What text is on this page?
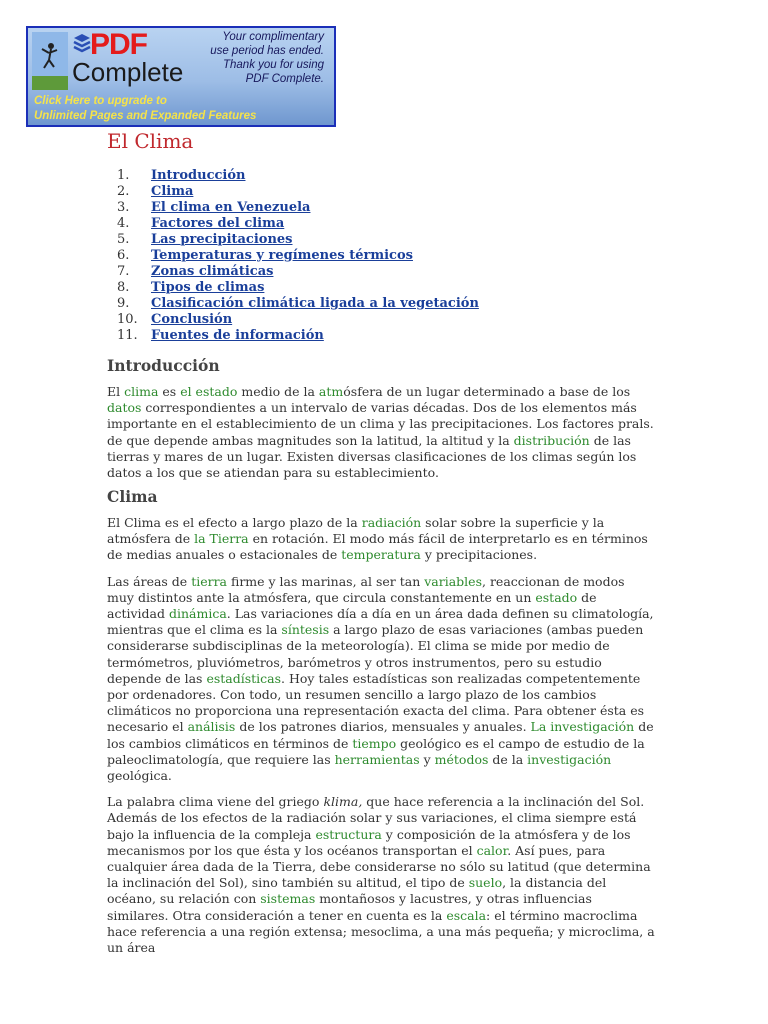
PDF
Complete
Your complimentary
use period has ended.
Thank you for using
PDF Complete.
Click Here to upgrade to
Unlimited Pages and Expanded Features
El Clima
1.	Introducción
2.	Clima
3.	El clima en Venezuela
4.	Factores del clima
5.	Las precipitaciones
6.	Temperaturas y regímenes térmicos
7.	Zonas climáticas
8.	Tipos de climas
9.	Clasificación climática ligada a la vegetación
10.	Conclusión
11.	Fuentes de información
Introducción

El clima es el estado medio de la atmósfera de un lugar determinado a base de los datos correspondientes a un intervalo de varias décadas. Dos de los elementos más importante en el establecimiento de un clima y las precipitaciones. Los factores prals. de que depende ambas magnitudes son la latitud, la altitud y la distribución de las tierras y mares de un lugar. Existen diversas clasificaciones de los climas según los datos a los que se atiendan para su establecimiento.

Clima

El Clima es el efecto a largo plazo de la radiación solar sobre la superficie y la atmósfera de la Tierra en rotación. El modo más fácil de interpretarlo es en términos de medias anuales o estacionales de temperatura y precipitaciones.

Las áreas de tierra firme y las marinas, al ser tan variables, reaccionan de modos muy distintos ante la atmósfera, que circula constantemente en un estado de actividad dinámica. Las variaciones día a día en un área dada definen su climatología, mientras que el clima es la síntesis a largo plazo de esas variaciones (ambas pueden considerarse subdisciplinas de la meteorología). El clima se mide por medio de termómetros, pluviómetros, barómetros y otros instrumentos, pero su estudio depende de las estadísticas. Hoy tales estadísticas son realizadas competentemente por ordenadores. Con todo, un resumen sencillo a largo plazo de los cambios climáticos no proporciona una representación exacta del clima. Para obtener ésta es necesario el análisis de los patrones diarios, mensuales y anuales. La investigación de los cambios climáticos en términos de tiempo geológico es el campo de estudio de la paleoclimatología, que requiere las herramientas y métodos de la investigación geológica.

La palabra clima viene del griego klima, que hace referencia a la inclinación del Sol. Además de los efectos de la radiación solar y sus variaciones, el clima siempre está bajo la influencia de la compleja estructura y composición de la atmósfera y de los mecanismos por los que ésta y los océanos transportan el calor. Así pues, para cualquier área dada de la Tierra, debe considerarse no sólo su latitud (que determina la inclinación del Sol), sino también su altitud, el tipo de suelo, la distancia del océano, su relación con sistemas montañosos y lacustres, y otras influencias similares. Otra consideración a tener en cuenta es la escala: el término macroclima hace referencia a una región extensa; mesoclima, a una más pequeña; y microclima, a un área
